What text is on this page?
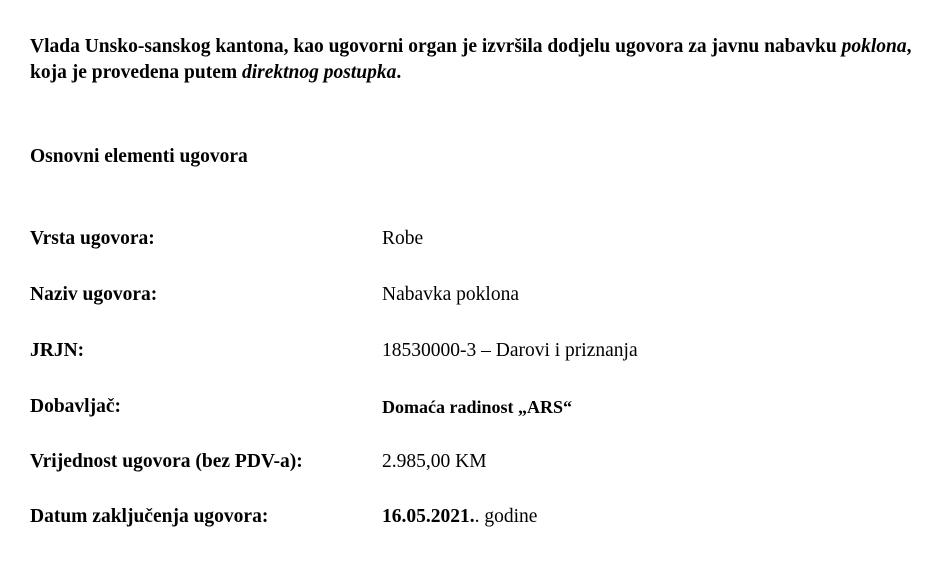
Vlada Unsko-sanskog kantona, kao ugovorni organ je izvršila dodjelu ugovora za javnu nabavku poklona, koja je provedena putem direktnog postupka.
Osnovni elementi ugovora
Vrsta ugovora:	Robe
Naziv ugovora:	Nabavka poklona
JRJN:	18530000-3 – Darovi i priznanja
Dobavljač:	Domaća radinost „ARS“
Vrijednost ugovora (bez PDV-a):	2.985,00 KM
Datum zaključenja ugovora:	16.05.2021.. godine
